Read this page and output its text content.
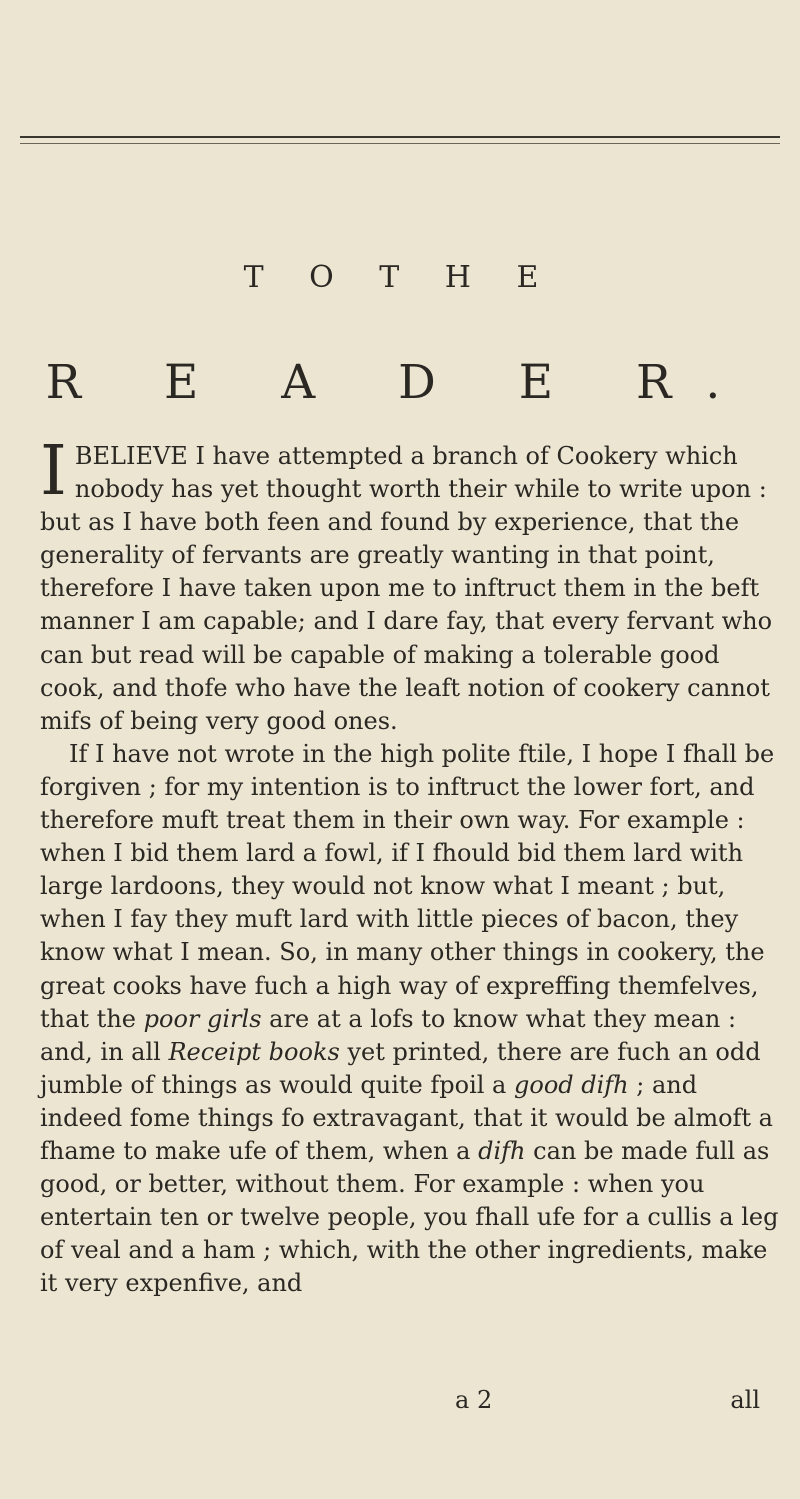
T O T H E
R E A D E R.

IBELIEVE I have attempted a branch of Cookery which nobody has yet thought worth their while to write upon : but as I have both feen and found by experience, that the generality of fervants are greatly wanting in that point, therefore I have taken upon me to inftruct them in the beft manner I am capable; and I dare fay, that every fervant who can but read will be capable of making a tolerable good cook, and thofe who have the leaft notion of cookery cannot mifs of being very good ones.

If I have not wrote in the high polite ftile, I hope I fhall be forgiven ; for my intention is to inftruct the lower fort, and therefore muft treat them in their own way. For example : when I bid them lard a fowl, if I fhould bid them lard with large lardoons, they would not know what I meant ; but, when I fay they muft lard with little pieces of bacon, they know what I mean. So, in many other things in cookery, the great cooks have fuch a high way of expreffing themfelves, that the poor girls are at a lofs to know what they mean : and, in all Receipt books yet printed, there are fuch an odd jumble of things as would quite fpoil a good difh ; and indeed fome things fo extravagant, that it would be almoft a fhame to make ufe of them, when a difh can be made full as good, or better, without them. For example : when you entertain ten or twelve people, you fhall ufe for a cullis a leg of veal and a ham ; which, with the other ingredients, make it very expenfive, and

a 2	all
